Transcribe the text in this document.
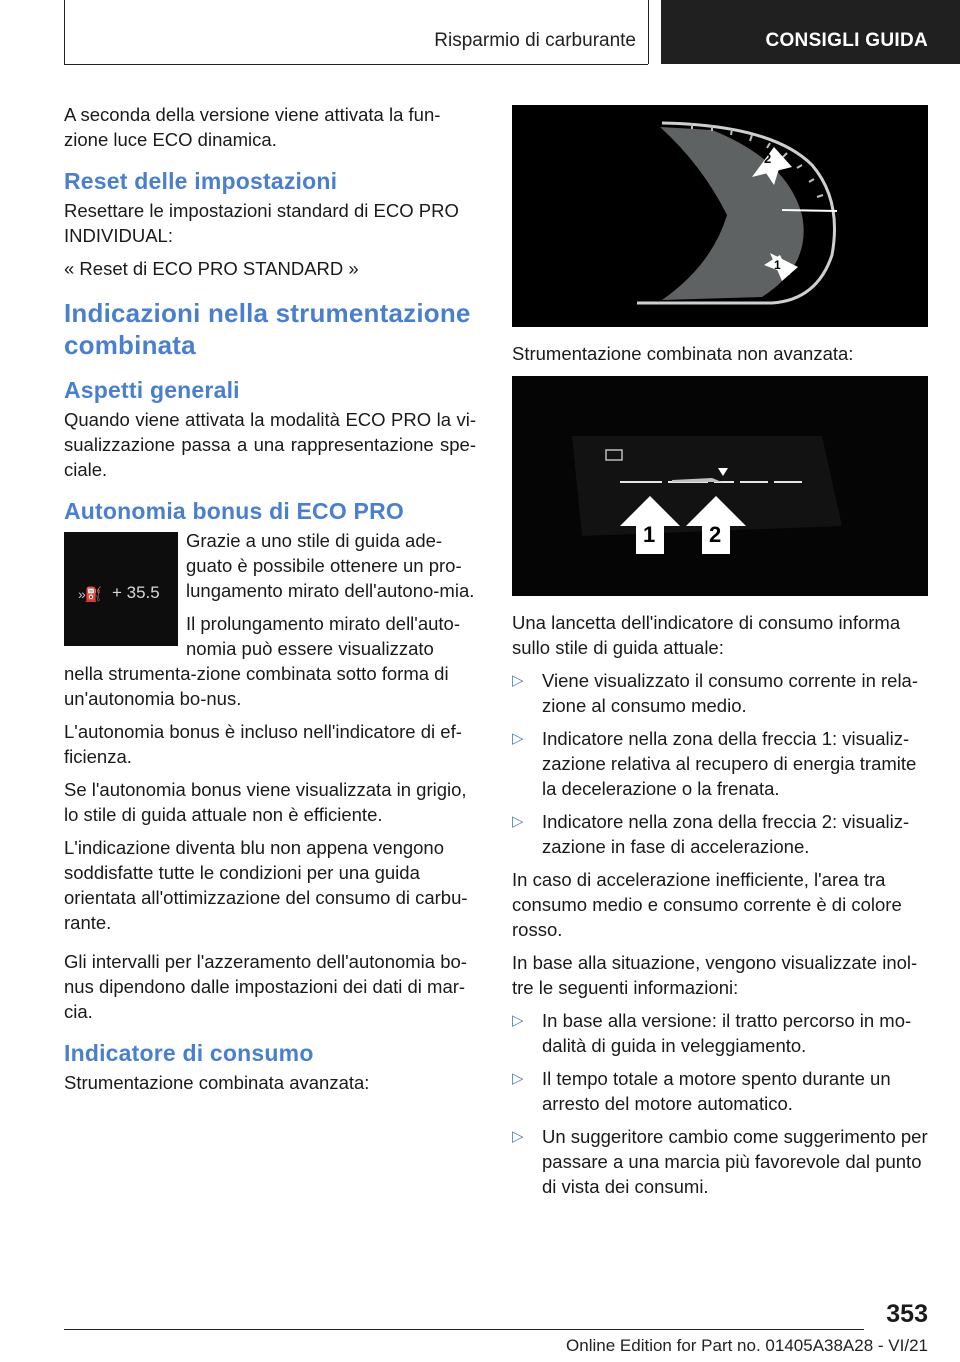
Risparmio di carburante	CONSIGLI GUIDA

A seconda della versione viene attivata la fun-zione luce ECO dinamica.

Reset delle impostazioni

Resettare le impostazioni standard di ECO PRO INDIVIDUAL:

« Reset di ECO PRO STANDARD »

Indicazioni nella strumentazione combinata
Aspetti generali

Quando viene attivata la modalità ECO PRO la vi-sualizzazione passa a una rappresentazione spe-ciale.

Autonomia bonus di ECO PRO
»⛽ + 35.5

Grazie a uno stile di guida ade-guato è possibile ottenere un pro-lungamento mirato dell'autono-mia.

Il prolungamento mirato dell'auto-nomia può essere visualizzato nella strumenta-zione combinata sotto forma di un'autonomia bo-nus.

L'autonomia bonus è incluso nell'indicatore di ef-ficienza.

Se l'autonomia bonus viene visualizzata in grigio, lo stile di guida attuale non è efficiente.

L'indicazione diventa blu non appena vengono soddisfatte tutte le condizioni per una guida orientata all'ottimizzazione del consumo di carbu-rante.

Gli intervalli per l'azzeramento dell'autonomia bo-nus dipendono dalle impostazioni dei dati di mar-cia.

Indicatore di consumo

Strumentazione combinata avanzata:

2
1

Strumentazione combinata non avanzata:

1 2

Una lancetta dell'indicatore di consumo informa sullo stile di guida attuale:

▷ Viene visualizzato il consumo corrente in rela-zione al consumo medio.
▷ Indicatore nella zona della freccia 1: visualiz-zazione relativa al recupero di energia tramite la decelerazione o la frenata.
▷ Indicatore nella zona della freccia 2: visualiz-zazione in fase di accelerazione.

In caso di accelerazione inefficiente, l'area tra consumo medio e consumo corrente è di colore rosso.

In base alla situazione, vengono visualizzate inol-tre le seguenti informazioni:

▷ In base alla versione: il tratto percorso in mo-dalità di guida in veleggiamento.
▷ Il tempo totale a motore spento durante un arresto del motore automatico.
▷ Un suggeritore cambio come suggerimento per passare a una marcia più favorevole dal punto di vista dei consumi.
353
Online Edition for Part no. 01405A38A28 - VI/21
